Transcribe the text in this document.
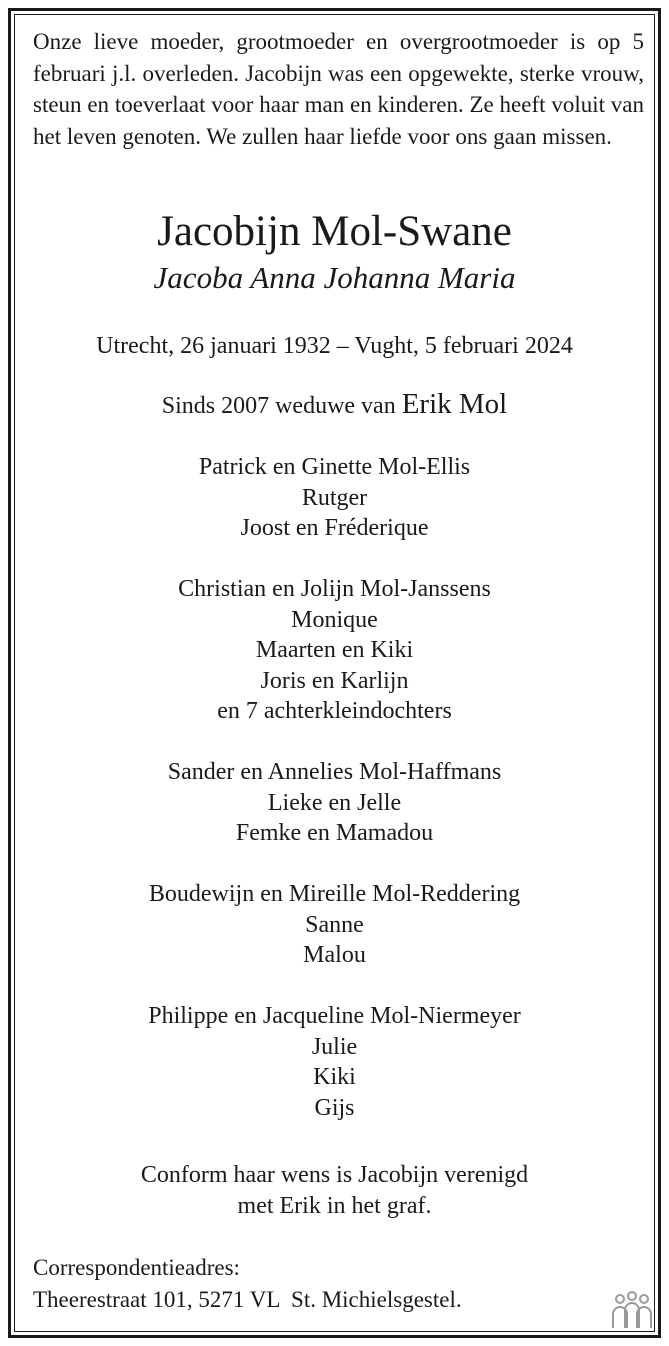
Onze lieve moeder, grootmoeder en overgrootmoeder is op 5 februari j.l. overleden. Jacobijn was een opgewekte, sterke vrouw, steun en toeverlaat voor haar man en kinderen. Ze heeft voluit van het leven genoten. We zullen haar liefde voor ons gaan missen.

Jacobijn Mol-Swane

Jacoba Anna Johanna Maria

Utrecht, 26 januari 1932 – Vught, 5 februari 2024

Sinds 2007 weduwe van Erik Mol

Patrick en Ginette Mol-Ellis
Rutger
Joost en Fréderique
Christian en Jolijn Mol-Janssens
Monique
Maarten en Kiki
Joris en Karlijn
en 7 achterkleindochters
Sander en Annelies Mol-Haffmans
Lieke en Jelle
Femke en Mamadou
Boudewijn en Mireille Mol-Reddering
Sanne
Malou
Philippe en Jacqueline Mol-Niermeyer
Julie
Kiki
Gijs
Conform haar wens is Jacobijn verenigd
met Erik in het graf.
Correspondentieadres:
Theerestraat 101, 5271 VL  St. Michielsgestel.
